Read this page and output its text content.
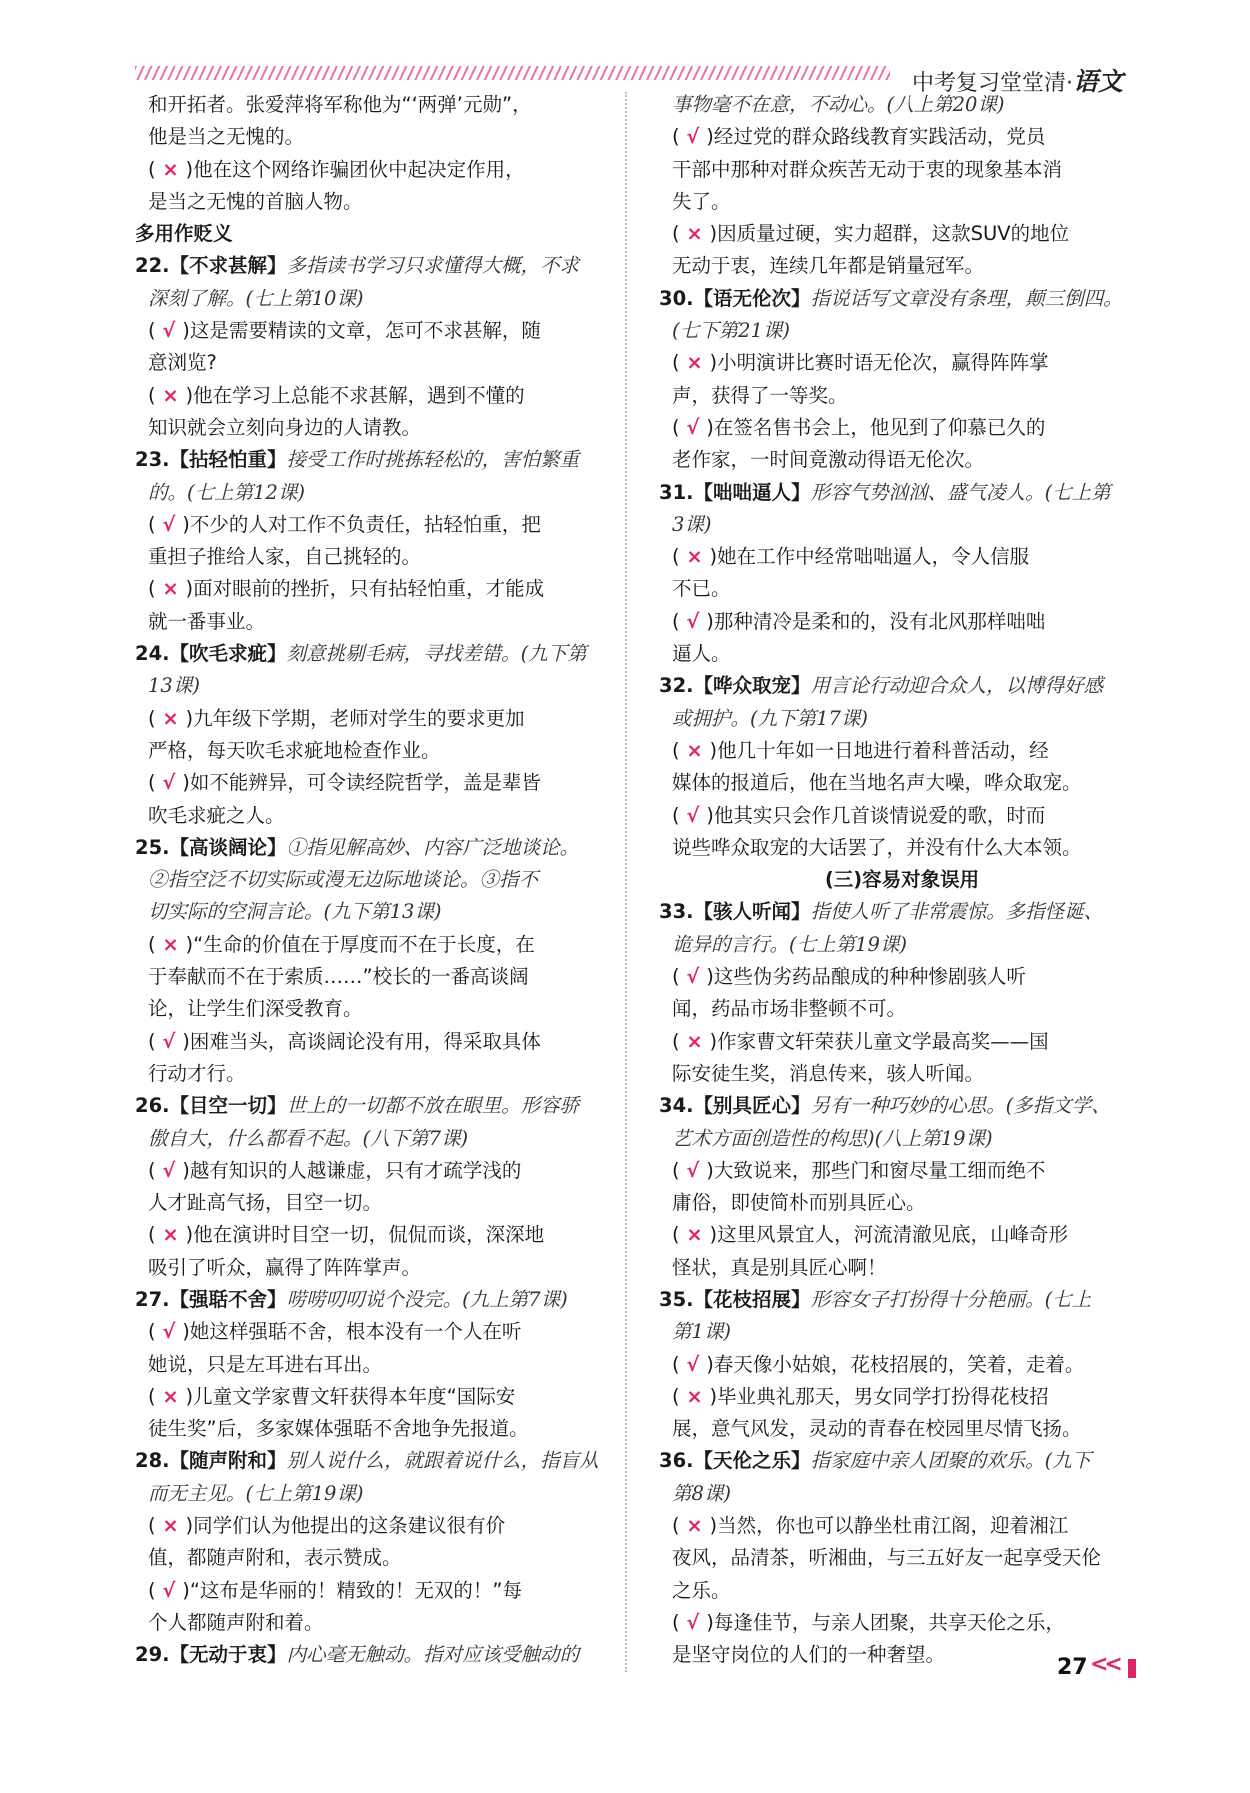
中考复习堂堂清·语文

和开拓者。张爱萍将军称他为“‘两弹’元勋”，

他是当之无愧的。

( × )他在这个网络诈骗团伙中起决定作用，

是当之无愧的首脑人物。

多用作贬义

22.【不求甚解】多指读书学习只求懂得大概，不求

深刻了解。(七上第10课)

( √ )这是需要精读的文章，怎可不求甚解，随

意浏览?

( × )他在学习上总能不求甚解，遇到不懂的

知识就会立刻向身边的人请教。

23.【拈轻怕重】接受工作时挑拣轻松的，害怕繁重

的。(七上第12课)

( √ )不少的人对工作不负责任，拈轻怕重，把

重担子推给人家，自己挑轻的。

( × )面对眼前的挫折，只有拈轻怕重，才能成

就一番事业。

24.【吹毛求疵】刻意挑剔毛病，寻找差错。(九下第

13课)

( × )九年级下学期，老师对学生的要求更加

严格，每天吹毛求疵地检查作业。

( √ )如不能辨异，可令读经院哲学，盖是辈皆

吹毛求疵之人。

25.【高谈阔论】①指见解高妙、内容广泛地谈论。

②指空泛不切实际或漫无边际地谈论。③指不

切实际的空洞言论。(九下第13课)

( × )“生命的价值在于厚度而不在于长度，在

于奉献而不在于索质……”校长的一番高谈阔

论，让学生们深受教育。

( √ )困难当头，高谈阔论没有用，得采取具体

行动才行。

26.【目空一切】世上的一切都不放在眼里。形容骄

傲自大，什么都看不起。(八下第7课)

( √ )越有知识的人越谦虚，只有才疏学浅的

人才趾高气扬，目空一切。

( × )他在演讲时目空一切，侃侃而谈，深深地

吸引了听众，赢得了阵阵掌声。

27.【强聒不舍】唠唠叨叨说个没完。(九上第7课)

( √ )她这样强聒不舍，根本没有一个人在听

她说，只是左耳进右耳出。

( × )儿童文学家曹文轩获得本年度“国际安

徒生奖”后，多家媒体强聒不舍地争先报道。

28.【随声附和】别人说什么，就跟着说什么，指盲从

而无主见。(七上第19课)

( × )同学们认为他提出的这条建议很有价

值，都随声附和，表示赞成。

( √ )“这布是华丽的！精致的！无双的！”每

个人都随声附和着。

29.【无动于衷】内心毫无触动。指对应该受触动的

事物毫不在意，不动心。(八上第20课)

( √ )经过党的群众路线教育实践活动，党员

干部中那种对群众疾苦无动于衷的现象基本消

失了。

( × )因质量过硬，实力超群，这款SUV的地位

无动于衷，连续几年都是销量冠军。

30.【语无伦次】指说话写文章没有条理，颠三倒四。

(七下第21课)

( × )小明演讲比赛时语无伦次，赢得阵阵掌

声，获得了一等奖。

( √ )在签名售书会上，他见到了仰慕已久的

老作家，一时间竟激动得语无伦次。

31.【咄咄逼人】形容气势汹汹、盛气凌人。(七上第

3课)

( × )她在工作中经常咄咄逼人，令人信服

不已。

( √ )那种清冷是柔和的，没有北风那样咄咄

逼人。

32.【哗众取宠】用言论行动迎合众人，以博得好感

或拥护。(九下第17课)

( × )他几十年如一日地进行着科普活动，经

媒体的报道后，他在当地名声大噪，哗众取宠。

( √ )他其实只会作几首谈情说爱的歌，时而

说些哗众取宠的大话罢了，并没有什么大本领。

(三)容易对象误用

33.【骇人听闻】指使人听了非常震惊。多指怪诞、

诡异的言行。(七上第19课)

( √ )这些伪劣药品酿成的种种惨剧骇人听

闻，药品市场非整顿不可。

( × )作家曹文轩荣获儿童文学最高奖——国

际安徒生奖，消息传来，骇人听闻。

34.【别具匠心】另有一种巧妙的心思。(多指文学、

艺术方面创造性的构思)(八上第19课)

( √ )大致说来，那些门和窗尽量工细而绝不

庸俗，即使简朴而别具匠心。

( × )这里风景宜人，河流清澈见底，山峰奇形

怪状，真是别具匠心啊！

35.【花枝招展】形容女子打扮得十分艳丽。(七上

第1课)

( √ )春天像小姑娘，花枝招展的，笑着，走着。

( × )毕业典礼那天，男女同学打扮得花枝招

展，意气风发，灵动的青春在校园里尽情飞扬。

36.【天伦之乐】指家庭中亲人团聚的欢乐。(九下

第8课)

( × )当然，你也可以静坐杜甫江阁，迎着湘江

夜风，品清茶，听湘曲，与三五好友一起享受天伦

之乐。

( √ )每逢佳节，与亲人团聚，共享天伦之乐，

是坚守岗位的人们的一种奢望。

27 <<
